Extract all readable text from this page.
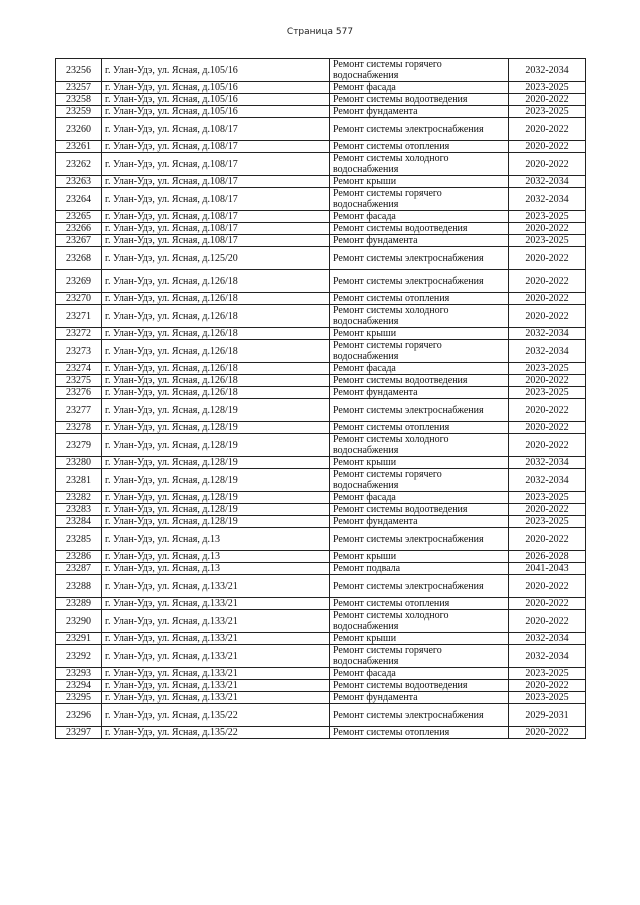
Страница 577
23256	г. Улан-Удэ, ул. Ясная, д.105/16	Ремонт системы горячего водоснабжения	2032-2034
23257	г. Улан-Удэ, ул. Ясная, д.105/16	Ремонт фасада	2023-2025
23258	г. Улан-Удэ, ул. Ясная, д.105/16	Ремонт системы водоотведения	2020-2022
23259	г. Улан-Удэ, ул. Ясная, д.105/16	Ремонт фундамента	2023-2025
23260	г. Улан-Удэ, ул. Ясная, д.108/17	Ремонт системы электроснабжения	2020-2022
23261	г. Улан-Удэ, ул. Ясная, д.108/17	Ремонт системы отопления	2020-2022
23262	г. Улан-Удэ, ул. Ясная, д.108/17	Ремонт системы холодного водоснабжения	2020-2022
23263	г. Улан-Удэ, ул. Ясная, д.108/17	Ремонт крыши	2032-2034
23264	г. Улан-Удэ, ул. Ясная, д.108/17	Ремонт системы горячего водоснабжения	2032-2034
23265	г. Улан-Удэ, ул. Ясная, д.108/17	Ремонт фасада	2023-2025
23266	г. Улан-Удэ, ул. Ясная, д.108/17	Ремонт системы водоотведения	2020-2022
23267	г. Улан-Удэ, ул. Ясная, д.108/17	Ремонт фундамента	2023-2025
23268	г. Улан-Удэ, ул. Ясная, д.125/20	Ремонт системы электроснабжения	2020-2022
23269	г. Улан-Удэ, ул. Ясная, д.126/18	Ремонт системы электроснабжения	2020-2022
23270	г. Улан-Удэ, ул. Ясная, д.126/18	Ремонт системы отопления	2020-2022
23271	г. Улан-Удэ, ул. Ясная, д.126/18	Ремонт системы холодного водоснабжения	2020-2022
23272	г. Улан-Удэ, ул. Ясная, д.126/18	Ремонт крыши	2032-2034
23273	г. Улан-Удэ, ул. Ясная, д.126/18	Ремонт системы горячего водоснабжения	2032-2034
23274	г. Улан-Удэ, ул. Ясная, д.126/18	Ремонт фасада	2023-2025
23275	г. Улан-Удэ, ул. Ясная, д.126/18	Ремонт системы водоотведения	2020-2022
23276	г. Улан-Удэ, ул. Ясная, д.126/18	Ремонт фундамента	2023-2025
23277	г. Улан-Удэ, ул. Ясная, д.128/19	Ремонт системы электроснабжения	2020-2022
23278	г. Улан-Удэ, ул. Ясная, д.128/19	Ремонт системы отопления	2020-2022
23279	г. Улан-Удэ, ул. Ясная, д.128/19	Ремонт системы холодного водоснабжения	2020-2022
23280	г. Улан-Удэ, ул. Ясная, д.128/19	Ремонт крыши	2032-2034
23281	г. Улан-Удэ, ул. Ясная, д.128/19	Ремонт системы горячего водоснабжения	2032-2034
23282	г. Улан-Удэ, ул. Ясная, д.128/19	Ремонт фасада	2023-2025
23283	г. Улан-Удэ, ул. Ясная, д.128/19	Ремонт системы водоотведения	2020-2022
23284	г. Улан-Удэ, ул. Ясная, д.128/19	Ремонт фундамента	2023-2025
23285	г. Улан-Удэ, ул. Ясная, д.13	Ремонт системы электроснабжения	2020-2022
23286	г. Улан-Удэ, ул. Ясная, д.13	Ремонт крыши	2026-2028
23287	г. Улан-Удэ, ул. Ясная, д.13	Ремонт подвала	2041-2043
23288	г. Улан-Удэ, ул. Ясная, д.133/21	Ремонт системы электроснабжения	2020-2022
23289	г. Улан-Удэ, ул. Ясная, д.133/21	Ремонт системы отопления	2020-2022
23290	г. Улан-Удэ, ул. Ясная, д.133/21	Ремонт системы холодного водоснабжения	2020-2022
23291	г. Улан-Удэ, ул. Ясная, д.133/21	Ремонт крыши	2032-2034
23292	г. Улан-Удэ, ул. Ясная, д.133/21	Ремонт системы горячего водоснабжения	2032-2034
23293	г. Улан-Удэ, ул. Ясная, д.133/21	Ремонт фасада	2023-2025
23294	г. Улан-Удэ, ул. Ясная, д.133/21	Ремонт системы водоотведения	2020-2022
23295	г. Улан-Удэ, ул. Ясная, д.133/21	Ремонт фундамента	2023-2025
23296	г. Улан-Удэ, ул. Ясная, д.135/22	Ремонт системы электроснабжения	2029-2031
23297	г. Улан-Удэ, ул. Ясная, д.135/22	Ремонт системы отопления	2020-2022
